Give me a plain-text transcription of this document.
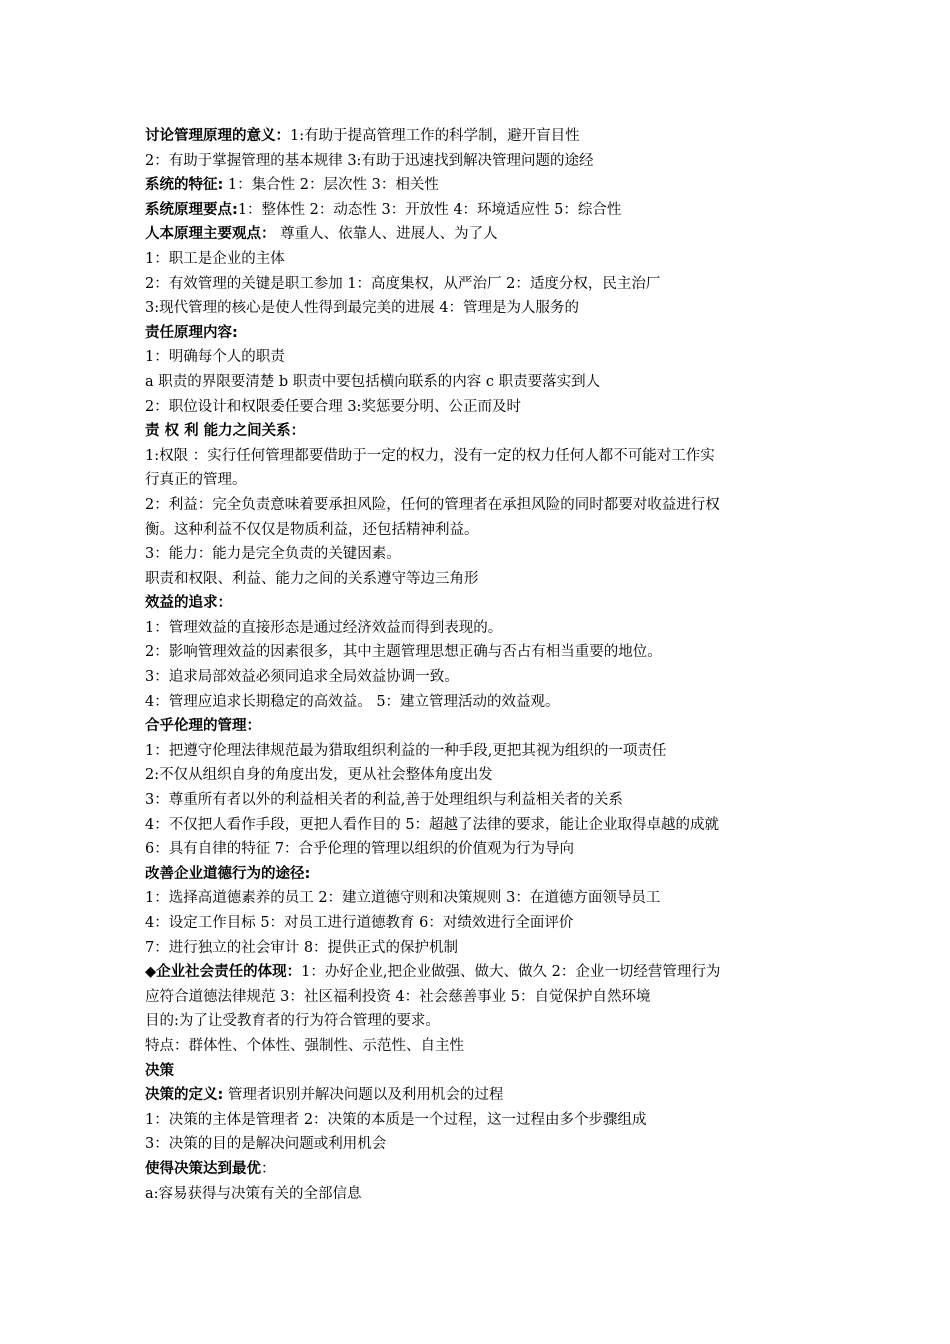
讨论管理原理的意义：1:有助于提高管理工作的科学制，避开盲目性
2：有助于掌握管理的基本规律 3:有助于迅速找到解决管理问题的途经
系统的特征: 1：集合性 2：层次性 3：相关性
系统原理要点:1：整体性 2：动态性 3：开放性 4：环境适应性 5：综合性
人本原理主要观点： 尊重人、依靠人、进展人、为了人
1：职工是企业的主体
2：有效管理的关键是职工参加 1：高度集权，从严治厂 2：适度分权，民主治厂
3:现代管理的核心是使人性得到最完美的进展 4：管理是为人服务的
责任原理内容:
1：明确每个人的职责
a 职责的界限要清楚 b 职责中要包括横向联系的内容 c 职责要落实到人
2：职位设计和权限委任要合理 3:奖惩要分明、公正而及时
责 权 利 能力之间关系：
1:权限 ：实行任何管理都要借助于一定的权力，没有一定的权力任何人都不可能对工作实
行真正的管理。
2：利益：完全负责意味着要承担风险，任何的管理者在承担风险的同时都要对收益进行权
衡。这种利益不仅仅是物质利益，还包括精神利益。
3：能力：能力是完全负责的关键因素。
职责和权限、利益、能力之间的关系遵守等边三角形
效益的追求：
1：管理效益的直接形态是通过经济效益而得到表现的。
2：影响管理效益的因素很多，其中主题管理思想正确与否占有相当重要的地位。
3：追求局部效益必须同追求全局效益协调一致。
4：管理应追求长期稳定的高效益。 5：建立管理活动的效益观。
合乎伦理的管理：
1：把遵守伦理法律规范最为猎取组织利益的一种手段,更把其视为组织的一项责任
2:不仅从组织自身的角度出发，更从社会整体角度出发
3：尊重所有者以外的利益相关者的利益,善于处理组织与利益相关者的关系
4：不仅把人看作手段，更把人看作目的 5：超越了法律的要求，能让企业取得卓越的成就
6：具有自律的特征 7：合乎伦理的管理以组织的价值观为行为导向
改善企业道德行为的途径:
1：选择高道德素养的员工 2：建立道德守则和决策规则 3：在道德方面领导员工
4：设定工作目标 5：对员工进行道德教育 6：对绩效进行全面评价
7：进行独立的社会审计 8：提供正式的保护机制
◆企业社会责任的体现：1：办好企业,把企业做强、做大、做久 2：企业一切经营管理行为
应符合道德法律规范 3：社区福利投资 4：社会慈善事业 5：自觉保护自然环境
目的:为了让受教育者的行为符合管理的要求。
特点：群体性、个体性、强制性、示范性、自主性
决策
决策的定义: 管理者识别并解决问题以及利用机会的过程
1：决策的主体是管理者 2：决策的本质是一个过程，这一过程由多个步骤组成
3：决策的目的是解决问题或利用机会
使得决策达到最优：
a:容易获得与决策有关的全部信息
